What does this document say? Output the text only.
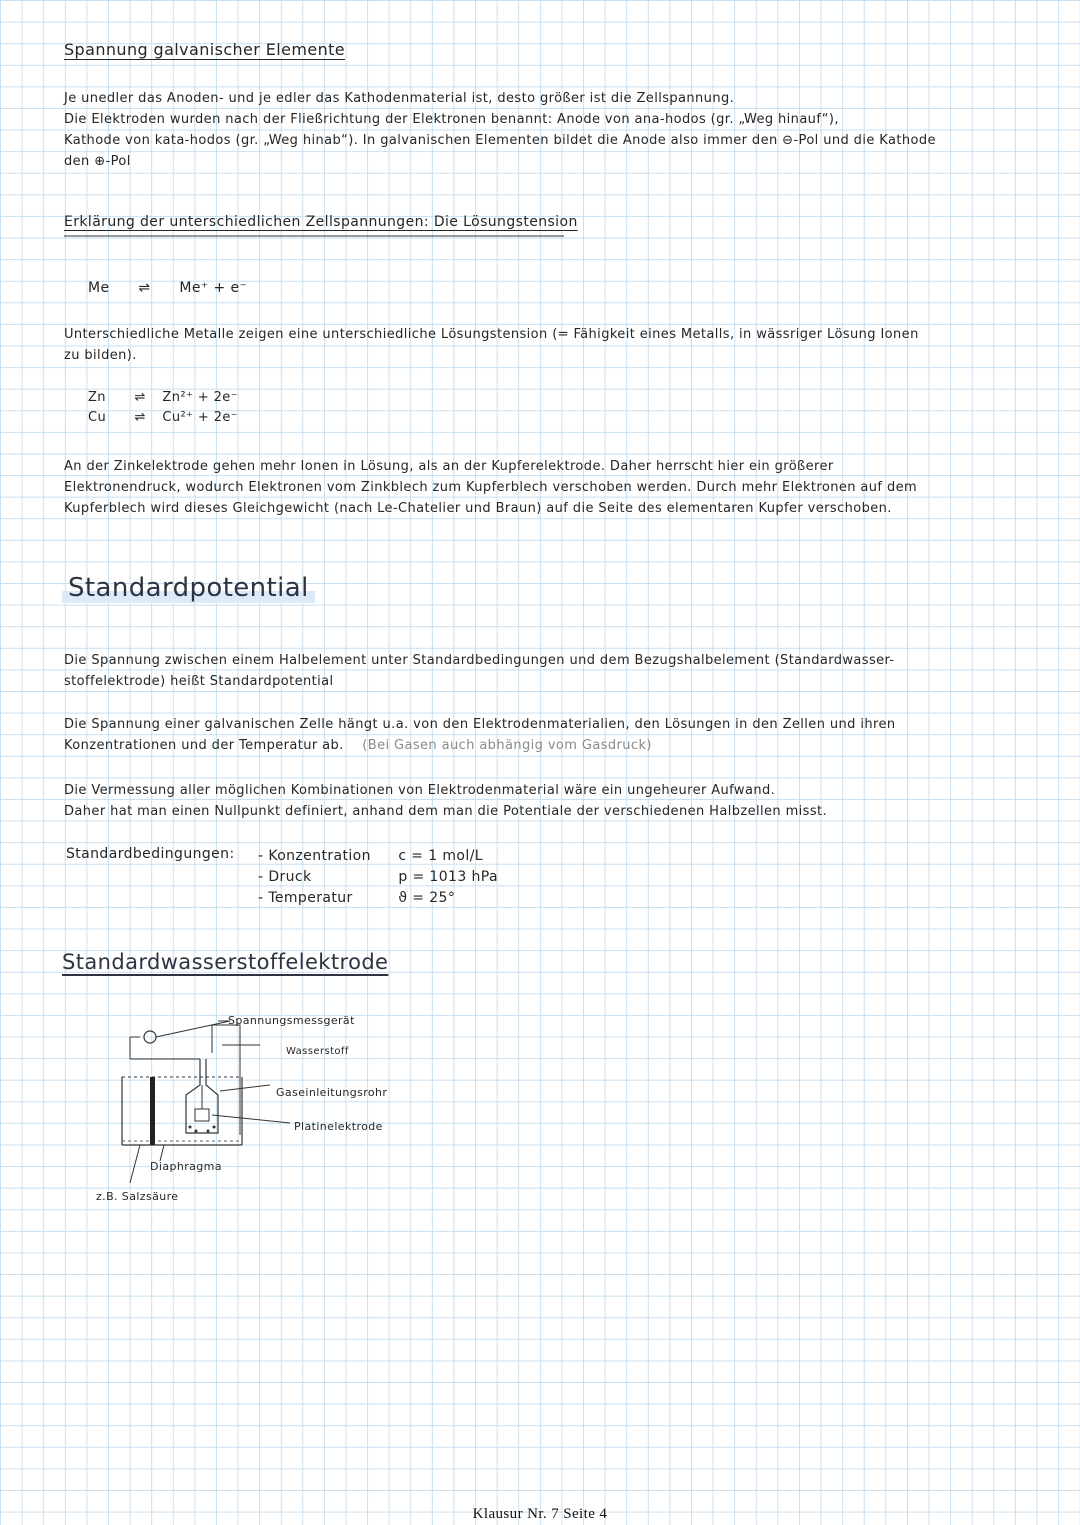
Spannung galvanischer Elemente
Je unedler das Anoden- und je edler das Kathodenmaterial ist, desto größer ist die Zellspannung.
Die Elektroden wurden nach der Fließrichtung der Elektronen benannt: Anode von ana-hodos (gr. „Weg hinauf“),
Kathode von kata-hodos (gr. „Weg hinab“). In galvanischen Elementen bildet die Anode also immer den ⊖-Pol und die Kathode
den ⊕-Pol
Erklärung der unterschiedlichen Zellspannungen: Die Lösungstension
Me ⇌ Me⁺ + e⁻
Unterschiedliche Metalle zeigen eine unterschiedliche Lösungstension (= Fähigkeit eines Metalls, in wässriger Lösung Ionen
zu bilden).
Zn ⇌ Zn²⁺ + 2e⁻
Cu ⇌ Cu²⁺ + 2e⁻
An der Zinkelektrode gehen mehr Ionen in Lösung, als an der Kupferelektrode. Daher herrscht hier ein größerer
Elektronendruck, wodurch Elektronen vom Zinkblech zum Kupferblech verschoben werden. Durch mehr Elektronen auf dem
Kupferblech wird dieses Gleichgewicht (nach Le-Chatelier und Braun) auf die Seite des elementaren Kupfer verschoben.
Standardpotential
Die Spannung zwischen einem Halbelement unter Standardbedingungen und dem Bezugshalbelement (Standardwasser-
stoffelektrode) heißt Standardpotential
Die Spannung einer galvanischen Zelle hängt u.a. von den Elektrodenmaterialien, den Lösungen in den Zellen und ihren
Konzentrationen und der Temperatur ab. (Bei Gasen auch abhängig vom Gasdruck)
Die Vermessung aller möglichen Kombinationen von Elektrodenmaterial wäre ein ungeheurer Aufwand.
Daher hat man einen Nullpunkt definiert, anhand dem man die Potentiale der verschiedenen Halbzellen misst.
Standardbedingungen: - Konzentration c = 1 mol/L
- Druck	p = 1013 hPa
- Temperatur	ϑ = 25°
Standardwasserstoffelektrode
Spannungsmessgerät
Wasserstoff
Gaseinleitungsrohr
Platinelektrode
Diaphragma
z.B. Salzsäure
Klausur Nr. 7 Seite 4
